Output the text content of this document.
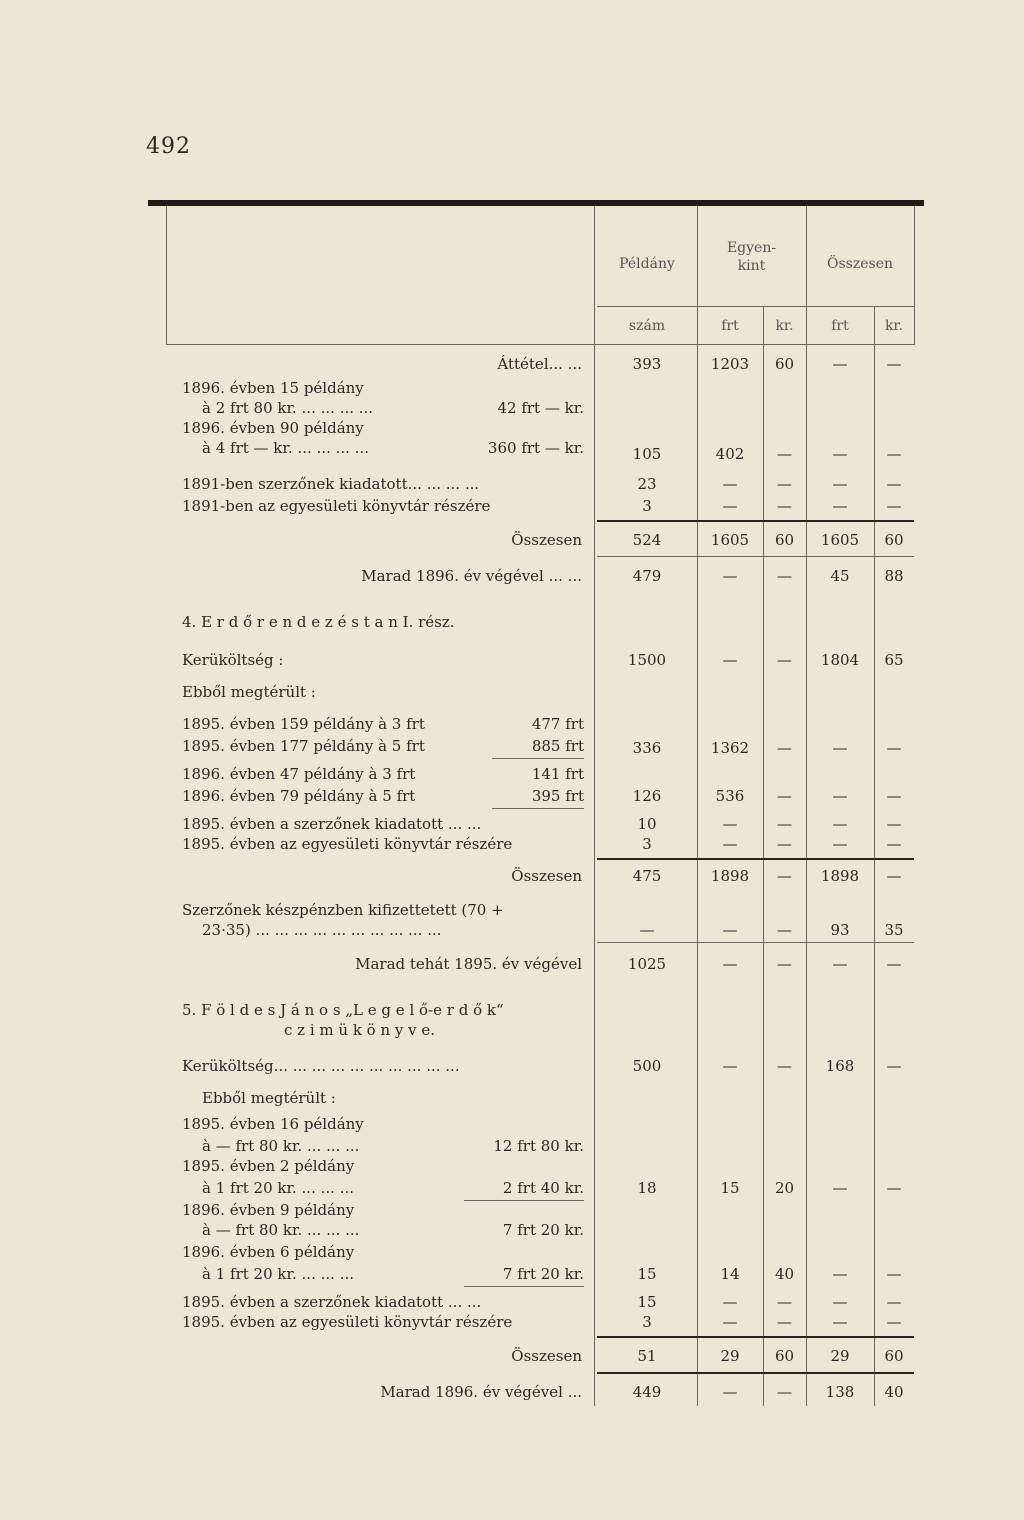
492
Példány
Egyen-
kint	Összesen
szám	frt	kr.	frt	kr.
Áttétel... ...	393	1203	60	—	—
1896. évben 15 példány
à 2 frt 80 kr. ... ... ... ...	42 frt — kr.
1896. évben 90 példány
à 4 frt — kr. ... ... ... ...	360 frt — kr.	105	402	—	—	—
1891-ben szerzőnek kiadatott... ... ... ...	23	—	—	—	—
1891-ben az egyesületi könyvtár részére	3	—	—	—	—
Összesen	524	1605	60	1605	60
Marad 1896. év végével ... ...	479	—	—	45	88
4. E r d ő r e n d e z é s t a n I. rész.
Kerüköltség :	1500	—	—	1804	65
Ebből megtérült :
1895. évben 159 példány à 3 frt	477 frt
1895. évben 177 példány à 5 frt	885 frt	336	1362	—	—	—
1896. évben 47 példány à 3 frt	141 frt
1896. évben 79 példány à 5 frt	395 frt	126	536	—	—	—
1895. évben a szerzőnek kiadatott ... ...	10	—	—	—	—
1895. évben az egyesületi könyvtár részére	3	—	—	—	—
Összesen	475	1898	—	1898	—
Szerzőnek készpénzben kifizettetett (70 +
23·35) ... ... ... ... ... ... ... ... ... ...	—	—	—	93	35
Marad tehát 1895. év végével	1025	—	—	—	—
5. F ö l d e s J á n o s „L e g e l ő-e r d ő k“
c z i m ü k ö n y v e.
Kerüköltség... ... ... ... ... ... ... ... ... ...	500	—	—	168	—
Ebből megtérült :
1895. évben 16 példány
à — frt 80 kr. ... ... ...	12 frt 80 kr.
1895. évben 2 példány
à 1 frt 20 kr. ... ... ...	2 frt 40 kr.	18	15	20	—	—
1896. évben 9 példány
à — frt 80 kr. ... ... ...	7 frt 20 kr.
1896. évben 6 példány
à 1 frt 20 kr. ... ... ...	7 frt 20 kr.	15	14	40	—	—
1895. évben a szerzőnek kiadatott ... ...	15	—	—	—	—
1895. évben az egyesületi könyvtár részére	3	—	—	—	—
Összesen	51	29	60	29	60
Marad 1896. év végével ...	449	—	—	138	40
